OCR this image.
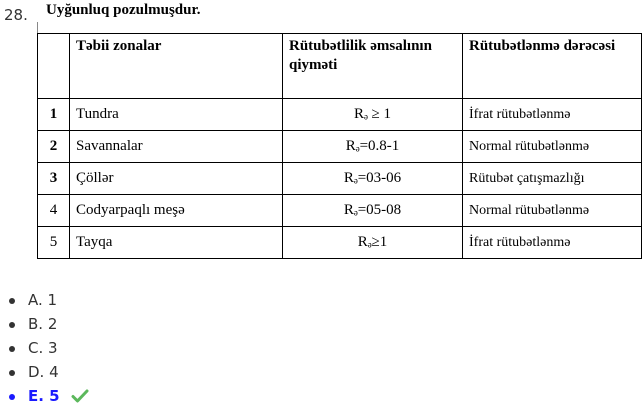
28. Uyğunluq pozulmuşdur.
	Təbii zonalar	Rütubətlilik əmsalının qiyməti	Rütubətlənmə dərəcəsi
1	Tundra	Rₔ ≥ 1	İfrat rütubətlənmə
2	Savannalar	Rₔ=0.8-1	Normal rütubətlənmə
3	Çöllər	Rₔ=03-06	Rütubət çatışmazlığı
4	Codyarpaqlı meşə	Rₔ=05-08	Normal rütubətlənmə
5	Tayqa	Rₔ≥1	İfrat rütubətlənmə
A. 1
B. 2
C. 3
D. 4
E. 5
